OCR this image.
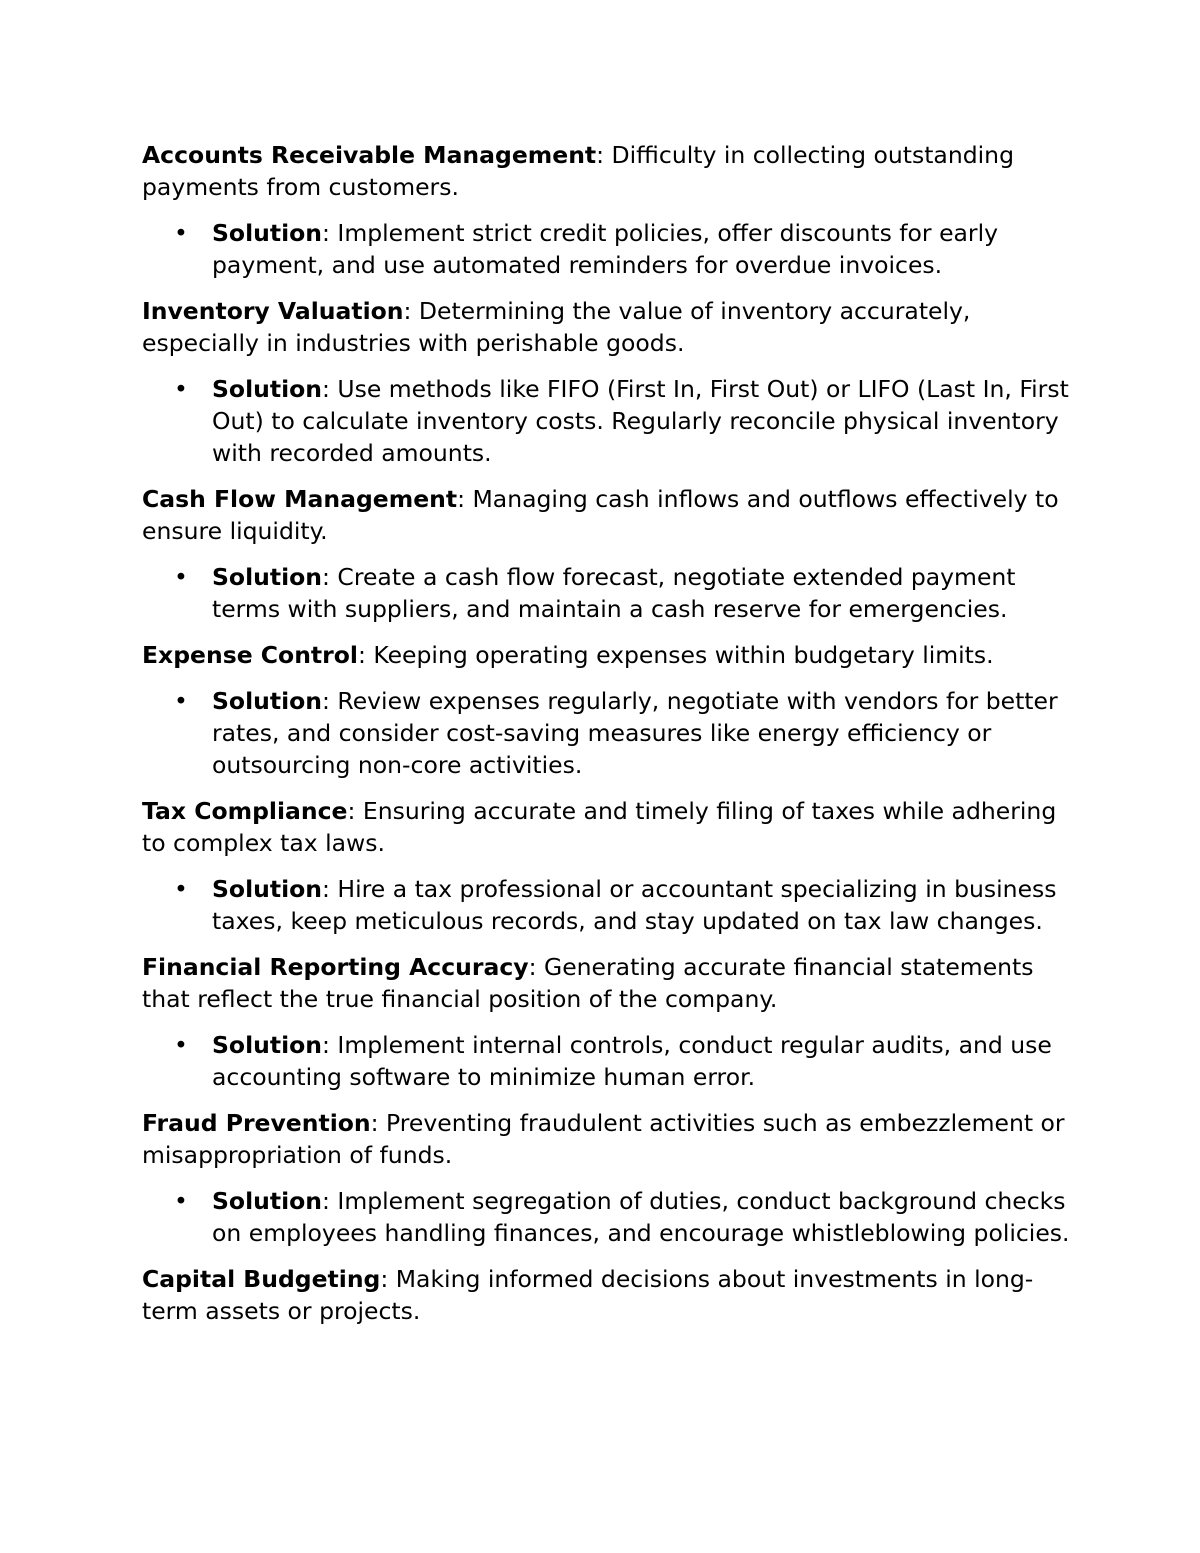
Accounts Receivable Management: Difficulty in collecting outstanding payments from customers.

• Solution: Implement strict credit policies, offer discounts for early payment, and use automated reminders for overdue invoices.

Inventory Valuation: Determining the value of inventory accurately, especially in industries with perishable goods.

• Solution: Use methods like FIFO (First In, First Out) or LIFO (Last In, First Out) to calculate inventory costs. Regularly reconcile physical inventory with recorded amounts.

Cash Flow Management: Managing cash inflows and outflows effectively to ensure liquidity.

• Solution: Create a cash flow forecast, negotiate extended payment terms with suppliers, and maintain a cash reserve for emergencies.

Expense Control: Keeping operating expenses within budgetary limits.

• Solution: Review expenses regularly, negotiate with vendors for better rates, and consider cost-saving measures like energy efficiency or outsourcing non-core activities.

Tax Compliance: Ensuring accurate and timely filing of taxes while adhering to complex tax laws.

• Solution: Hire a tax professional or accountant specializing in business taxes, keep meticulous records, and stay updated on tax law changes.

Financial Reporting Accuracy: Generating accurate financial statements that reflect the true financial position of the company.

• Solution: Implement internal controls, conduct regular audits, and use accounting software to minimize human error.

Fraud Prevention: Preventing fraudulent activities such as embezzlement or misappropriation of funds.

• Solution: Implement segregation of duties, conduct background checks on employees handling finances, and encourage whistleblowing policies.

Capital Budgeting: Making informed decisions about investments in long-term assets or projects.
